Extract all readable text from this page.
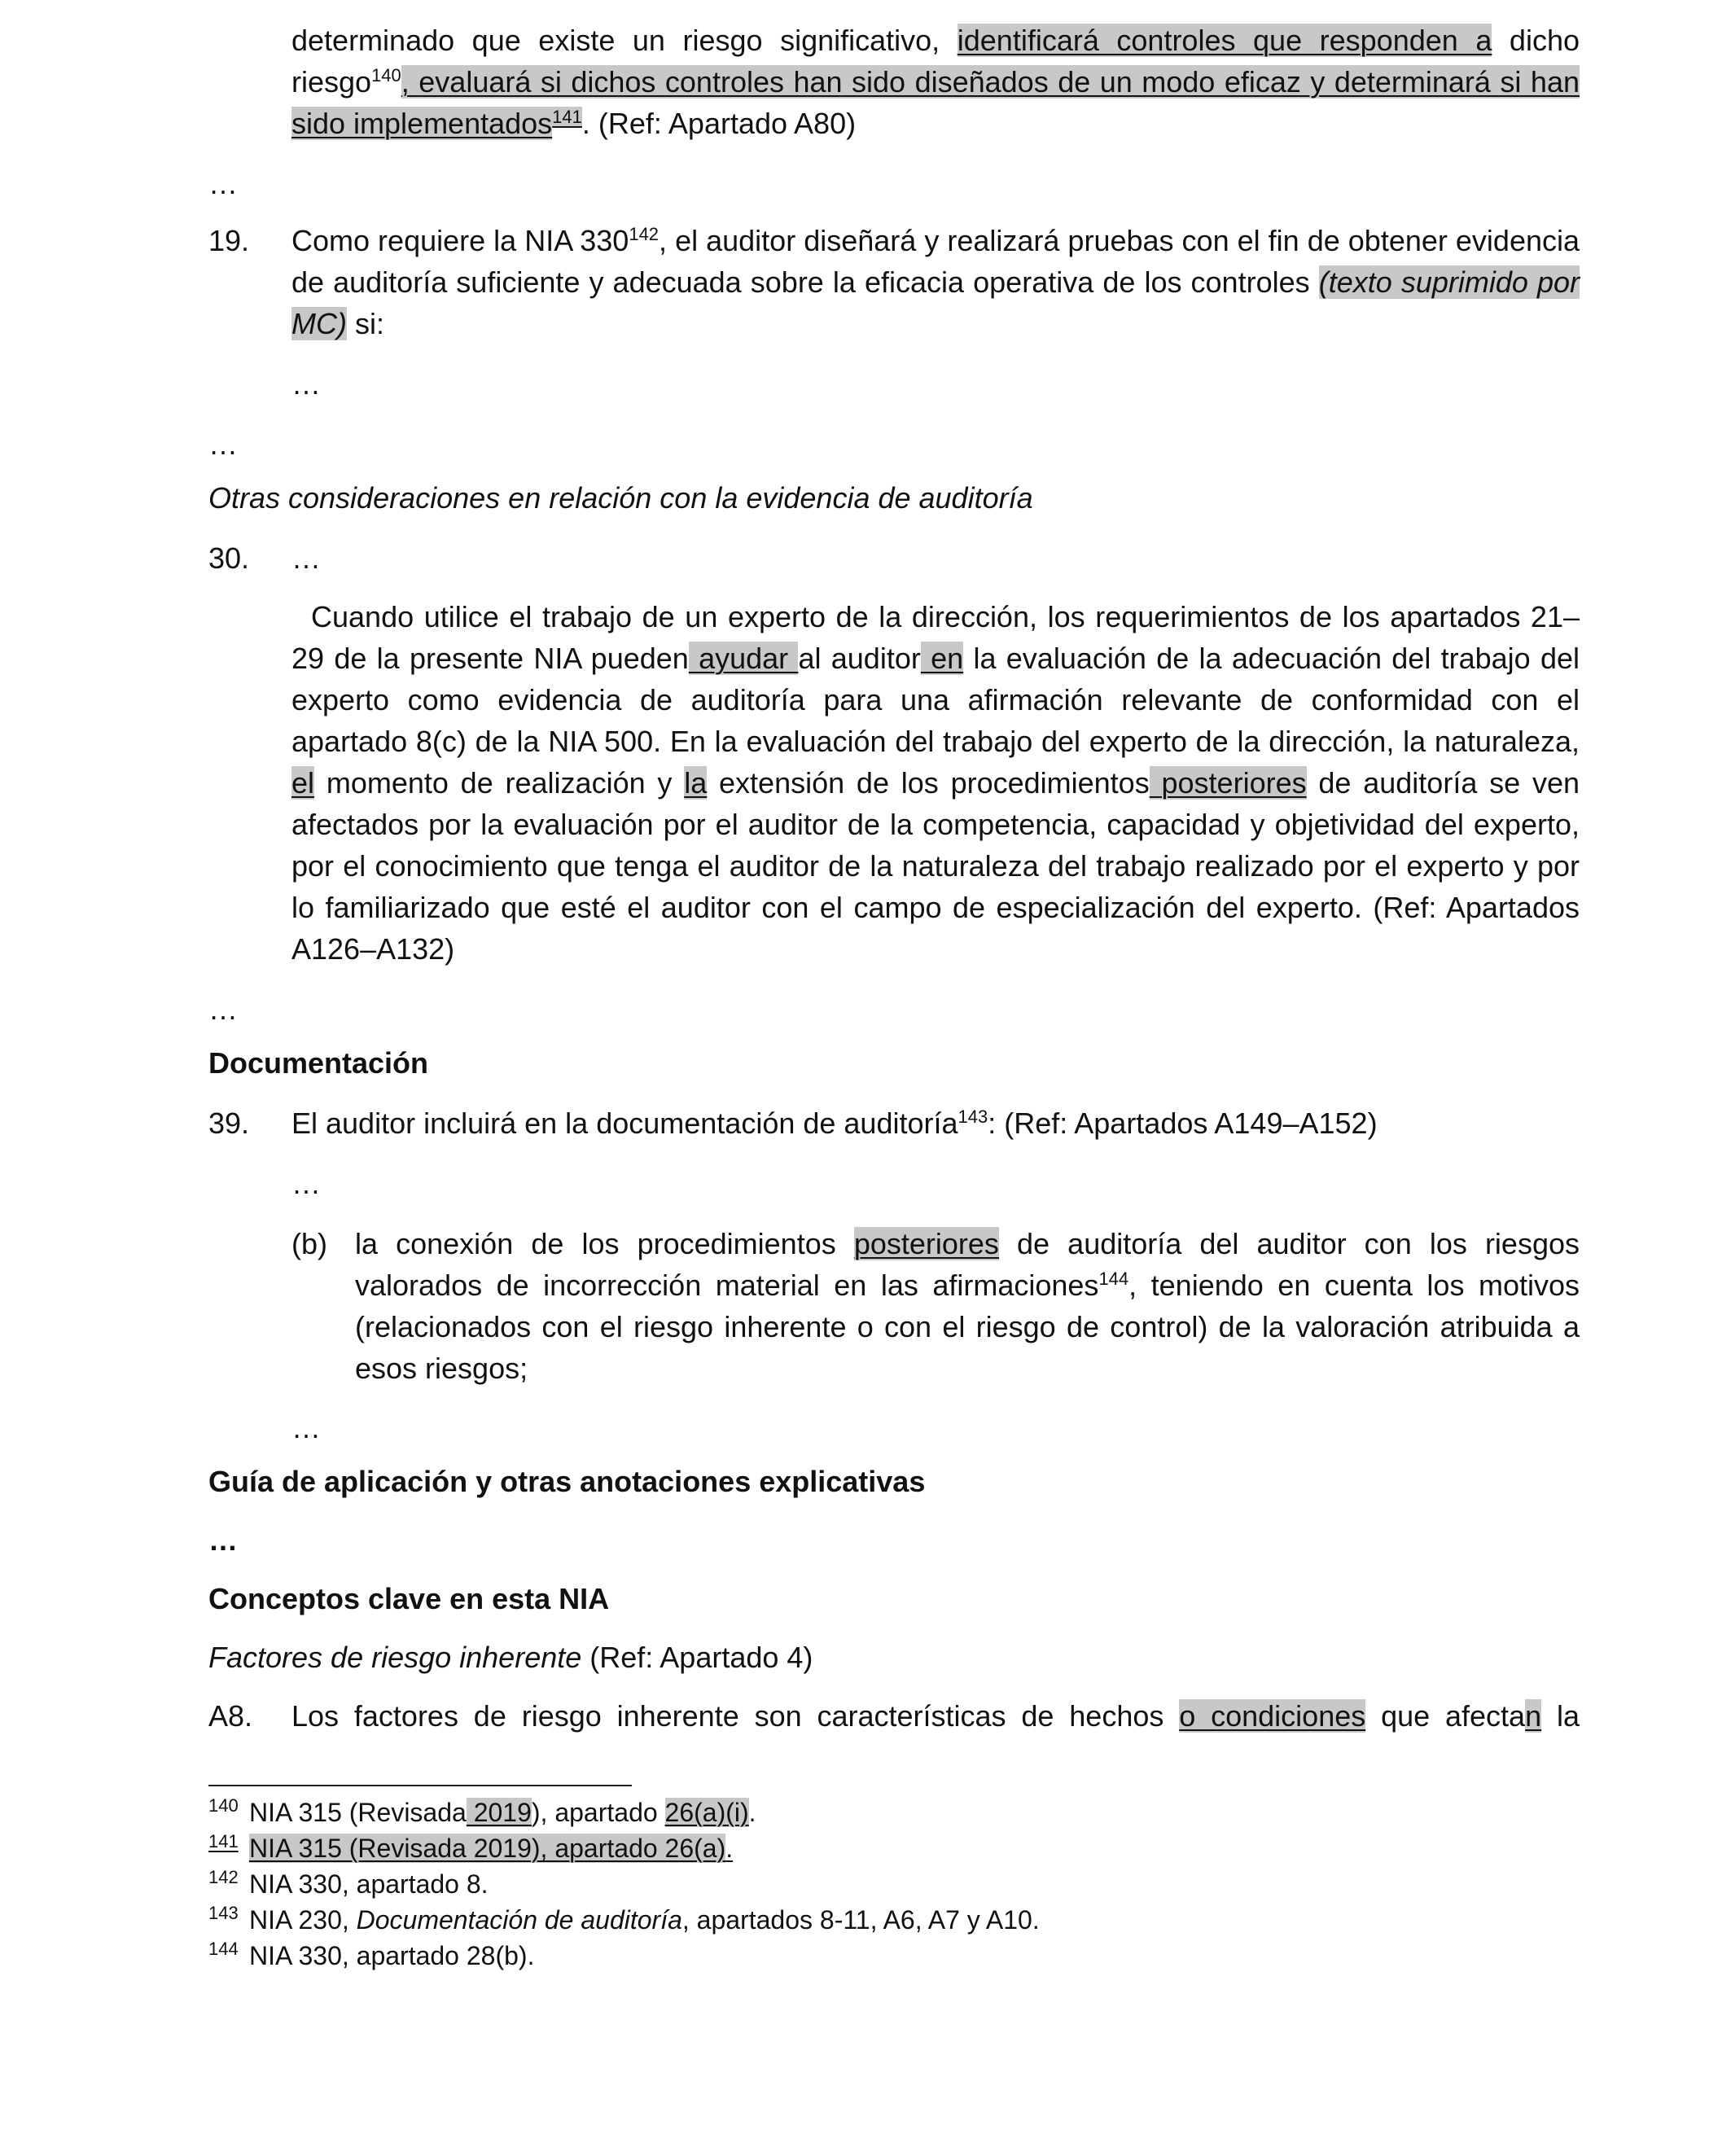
determinado que existe un riesgo significativo, identificará controles que responden a dicho riesgo$^{140}$, evaluará si dichos controles han sido diseñados de un modo eficaz y determinará si han sido implementados$^{141}$. (Ref: Apartado A80)

…
19.	Como requiere la NIA $330^{142}$, el auditor diseñará y realizará pruebas con el fin de obtener evidencia de auditoría suficiente y adecuada sobre la eficacia operativa de los controles (texto suprimido por MC) si:

…
…
Otras consideraciones en relación con la evidencia de auditoría
30.	…

Cuando utilice el trabajo de un experto de la dirección, los requerimientos de los apartados 21–29 de la presente NIA pueden ayudar al auditor en la evaluación de la adecuación del trabajo del experto como evidencia de auditoría para una afirmación relevante de conformidad con el apartado 8(c) de la NIA 500. En la evaluación del trabajo del experto de la dirección, la naturaleza, el momento de realización y la extensión de los procedimientos posteriores de auditoría se ven afectados por la evaluación por el auditor de la competencia, capacidad y objetividad del experto, por el conocimiento que tenga el auditor de la naturaleza del trabajo realizado por el experto y por lo familiarizado que esté el auditor con el campo de especialización del experto. (Ref: Apartados A126–A132)

…
Documentación
39.	El auditor incluirá en la documentación de auditoría$^{143}$: (Ref: Apartados A149–A152)

…
(b) la conexión de los procedimientos posteriores de auditoría del auditor con los riesgos valorados de incorrección material en las afirmaciones$^{144}$, teniendo en cuenta los motivos (relacionados con el riesgo inherente o con el riesgo de control) de la valoración atribuida a esos riesgos;

…
Guía de aplicación y otras anotaciones explicativas
…
Conceptos clave en esta NIA
Factores de riesgo inherente (Ref: Apartado 4)
A8.	Los factores de riesgo inherente son características de hechos o condiciones que afectan la

140 NIA 315 (Revisada 2019), apartado 26(a)(i).
141 NIA 315 (Revisada 2019), apartado 26(a).
142 NIA 330, apartado 8.
143 NIA 230, Documentación de auditoría, apartados 8-11, A6, A7 y A10.
144 NIA 330, apartado 28(b).
